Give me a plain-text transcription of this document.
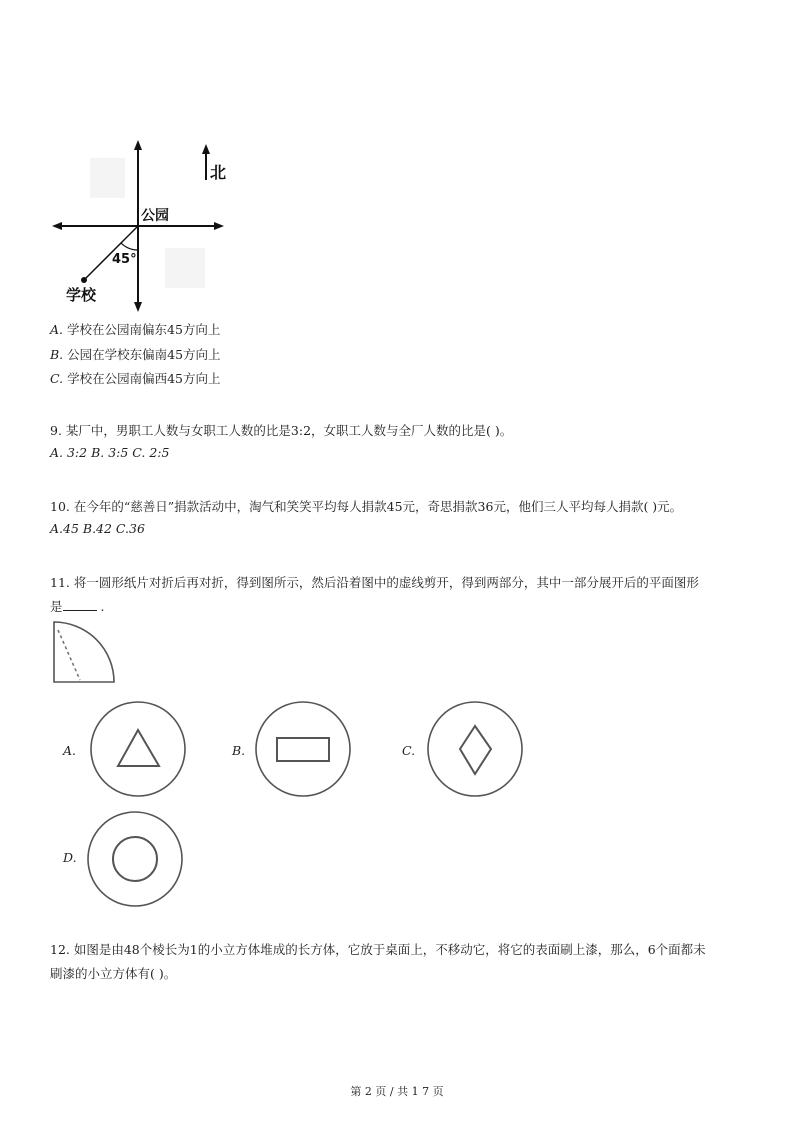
北
公园
45°
学校
A. 学校在公园南偏东45方向上
B. 公园在学校东偏南45方向上
C. 学校在公园南偏西45方向上
9. 某厂中，男职工人数与女职工人数的比是3:2，女职工人数与全厂人数的比是( )。
A. 3:2 B. 3:5 C. 2:5
10. 在今年的“慈善日”捐款活动中，淘气和笑笑平均每人捐款45元，奇思捐款36元，他们三人平均每人捐款( )元。
A.45 B.42 C.36
11. 将一圆形纸片对折后再对折，得到图所示，然后沿着图中的虚线剪开，得到两部分，其中一部分展开后的平面图形
是	.
A.	B.	C.
D.
12. 如图是由48个棱长为1的小立方体堆成的长方体，它放于桌面上，不移动它，将它的表面刷上漆，那么，6个面都未
刷漆的小立方体有( )。
第 2 页 / 共 1 7 页
